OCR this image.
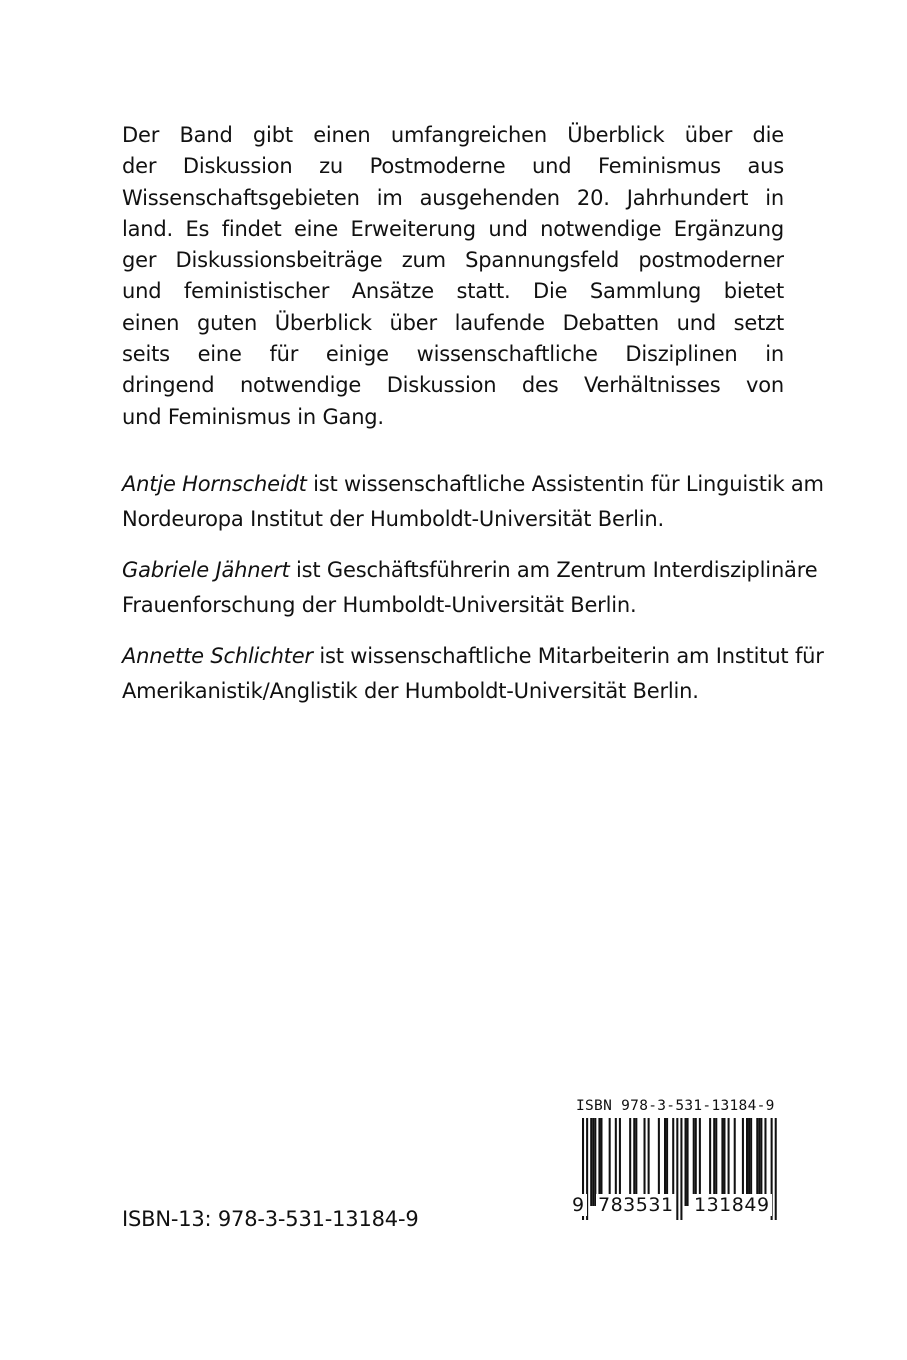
Der Band gibt einen umfangreichen Überblick über die
der Diskussion zu Postmoderne und Feminismus aus
Wissenschaftsgebieten im ausgehenden 20. Jahrhundert in
land. Es findet eine Erweiterung und notwendige Ergänzung
ger Diskussionsbeiträge zum Spannungsfeld postmoderner
und feministischer Ansätze statt. Die Sammlung bietet
einen guten Überblick über laufende Debatten und setzt
seits eine für einige wissenschaftliche Disziplinen in
dringend notwendige Diskussion des Verhältnisses von
und Feminismus in Gang.

Antje Hornscheidt ist wissenschaftliche Assistentin für Linguistik am
Nordeuropa Institut der Humboldt-Universität Berlin.

Gabriele Jähnert ist Geschäftsführerin am Zentrum Interdisziplinäre
Frauenforschung der Humboldt-Universität Berlin.

Annette Schlichter ist wissenschaftliche Mitarbeiterin am Institut für
Amerikanistik/Anglistik der Humboldt-Universität Berlin.

ISBN-13: 978-3-531-13184-9
ISBN 978-3-531-13184-9
9 783531 131849
